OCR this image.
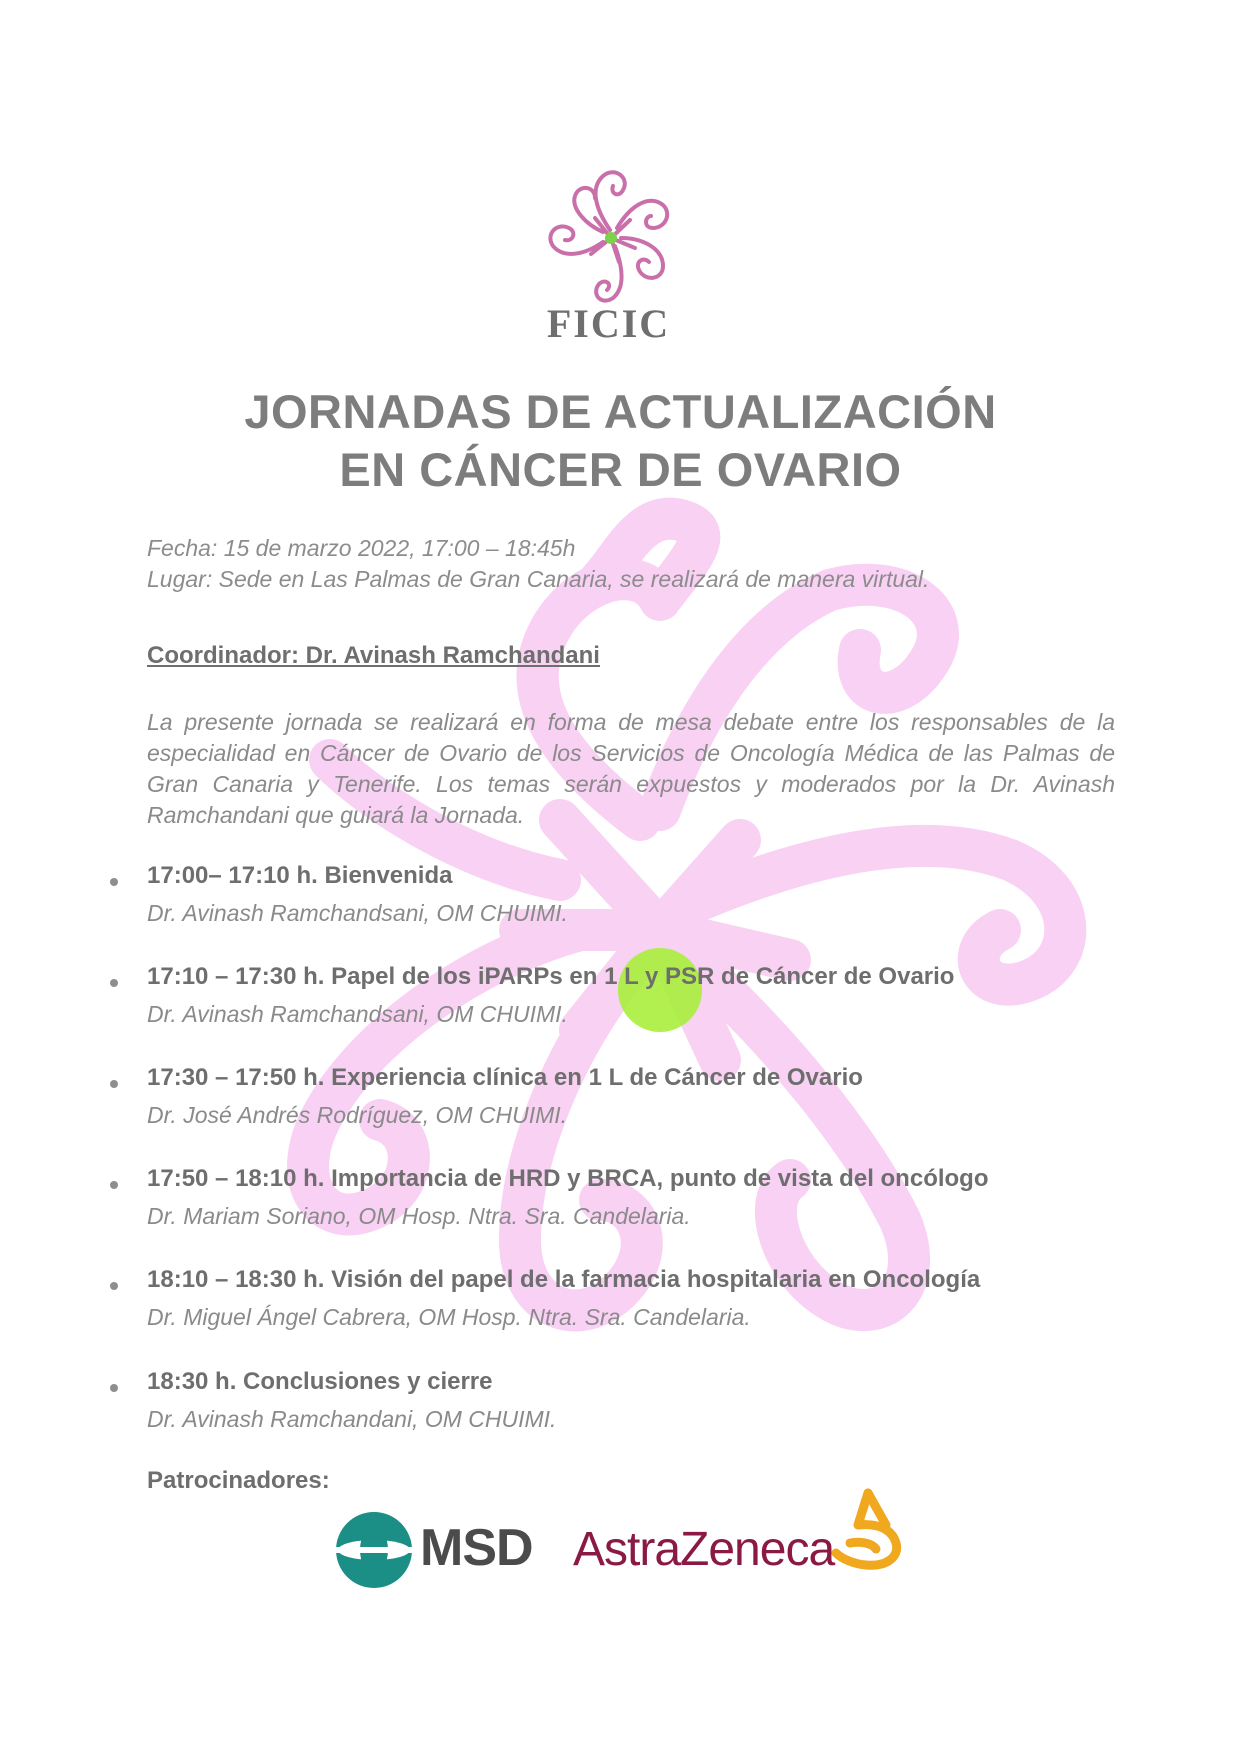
FICIC
JORNADAS DE ACTUALIZACIÓN
EN CÁNCER DE OVARIO
Fecha: 15 de marzo 2022, 17:00 – 18:45h
Lugar: Sede en Las Palmas de Gran Canaria, se realizará de manera virtual.
Coordinador: Dr. Avinash Ramchandani
La presente jornada se realizará en forma de mesa debate entre los responsables de la especialidad en Cáncer de Ovario de los Servicios de Oncología Médica de las Palmas de Gran Canaria y Tenerife. Los temas serán expuestos y moderados por la Dr. Avinash Ramchandani que guiará la Jornada.
17:00– 17:10 h. Bienvenida
Dr. Avinash Ramchandsani, OM CHUIMI.
17:10 – 17:30 h. Papel de los iPARPs en 1 L y PSR de Cáncer de Ovario
Dr. Avinash Ramchandsani, OM CHUIMI.
17:30 – 17:50 h. Experiencia clínica en 1 L de Cáncer de Ovario
Dr. José Andrés Rodríguez, OM CHUIMI.
17:50 – 18:10 h. Importancia de HRD y BRCA, punto de vista del oncólogo
Dr. Mariam Soriano, OM Hosp. Ntra. Sra. Candelaria.
18:10 – 18:30 h. Visión del papel de la farmacia hospitalaria en Oncología
Dr. Miguel Ángel Cabrera, OM Hosp. Ntra. Sra. Candelaria.
18:30 h. Conclusiones y cierre
Dr. Avinash Ramchandani, OM CHUIMI.
Patrocinadores:
MSD AstraZeneca
